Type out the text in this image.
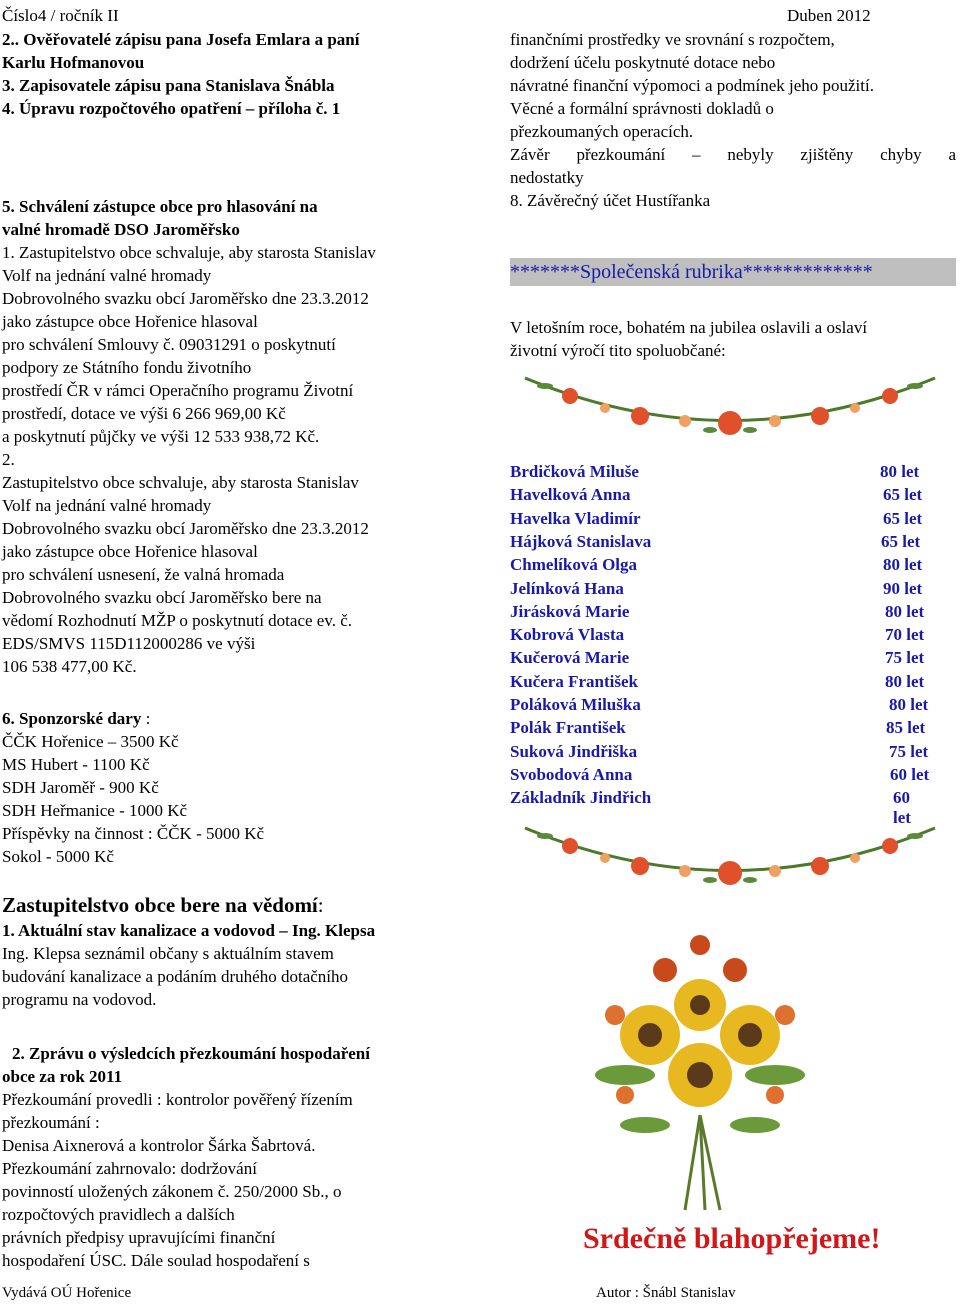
Číslo4 / ročník II	Duben 2012
2.. Ověřovatelé zápisu pana Josefa Emlara a paní
Karlu Hofmanovou
3. Zapisovatele zápisu pana Stanislava Šnábla
4. Úpravu rozpočtového opatření – příloha č. 1
5. Schválení zástupce obce pro hlasování na
valné hromadě DSO Jaroměřsko
1. Zastupitelstvo obce schvaluje, aby starosta Stanislav
Volf na jednání valné hromady
Dobrovolného svazku obcí Jaroměřsko dne 23.3.2012
jako zástupce obce Hořenice hlasoval
pro schválení Smlouvy č. 09031291 o poskytnutí
podpory ze Státního fondu životního
prostředí ČR v rámci Operačního programu Životní
prostředí, dotace ve výši 6 266 969,00 Kč
a poskytnutí půjčky ve výši 12 533 938,72 Kč.
2.
Zastupitelstvo obce schvaluje, aby starosta Stanislav
Volf na jednání valné hromady
Dobrovolného svazku obcí Jaroměřsko dne 23.3.2012
jako zástupce obce Hořenice hlasoval
pro schválení usnesení, že valná hromada
Dobrovolného svazku obcí Jaroměřsko bere na
vědomí Rozhodnutí MŽP o poskytnutí dotace ev. č.
EDS/SMVS 115D112000286 ve výši
106 538 477,00 Kč.
6. Sponzorské dary :
ČČK Hořenice – 3500 Kč
MS Hubert - 1100 Kč
SDH Jaroměř - 900 Kč
SDH Heřmanice - 1000 Kč
Příspěvky na činnost : ČČK - 5000 Kč
Sokol - 5000 Kč
Zastupitelstvo obce bere na vědomí:
1. Aktuální stav kanalizace a vodovod – Ing. Klepsa
Ing. Klepsa seznámil občany s aktuálním stavem
budování kanalizace a podáním druhého dotačního
programu na vodovod.
2. Zprávu o výsledcích přezkoumání hospodaření
obce za rok 2011
Přezkoumání provedli : kontrolor pověřený řízením
přezkoumání :
Denisa Aixnerová a kontrolor Šárka Šabrtová.
Přezkoumání zahrnovalo: dodržování
povinností uložených zákonem č. 250/2000 Sb., o
rozpočtových pravidlech a dalších
právních předpisy upravujícími finanční
hospodaření ÚSC. Dále soulad hospodaření s
Vydává OÚ Hořenice
finančními prostředky ve srovnání s rozpočtem,
dodržení účelu poskytnuté dotace nebo
návratné finanční výpomoci a podmínek jeho použití.
Věcné a formální správnosti dokladů o
přezkoumaných operacích.
Závěr přezkoumání – nebyly zjištěny chyby a
nedostatky
8. Závěrečný účet Hustířanka
*******Společenská rubrika*************
V letošním roce, bohatém na jubilea oslavili a oslaví
životní výročí tito spoluobčané:
Brdičková Miluše	80 let
Havelková Anna	65 let
Havelka Vladimír	65 let
Hájková Stanislava	65 let
Chmelíková Olga	80 let
Jelínková Hana	90 let
Jirásková Marie	80 let
Kobrová Vlasta	70 let
Kučerová Marie	75 let
Kučera František	80 let
Poláková Miluška	80 let
Polák František	85 let
Suková Jindřiška	75 let
Svobodová Anna	60 let
Základník Jindřich	60 let
Srdečně blahopřejeme!
Autor : Šnábl Stanislav
